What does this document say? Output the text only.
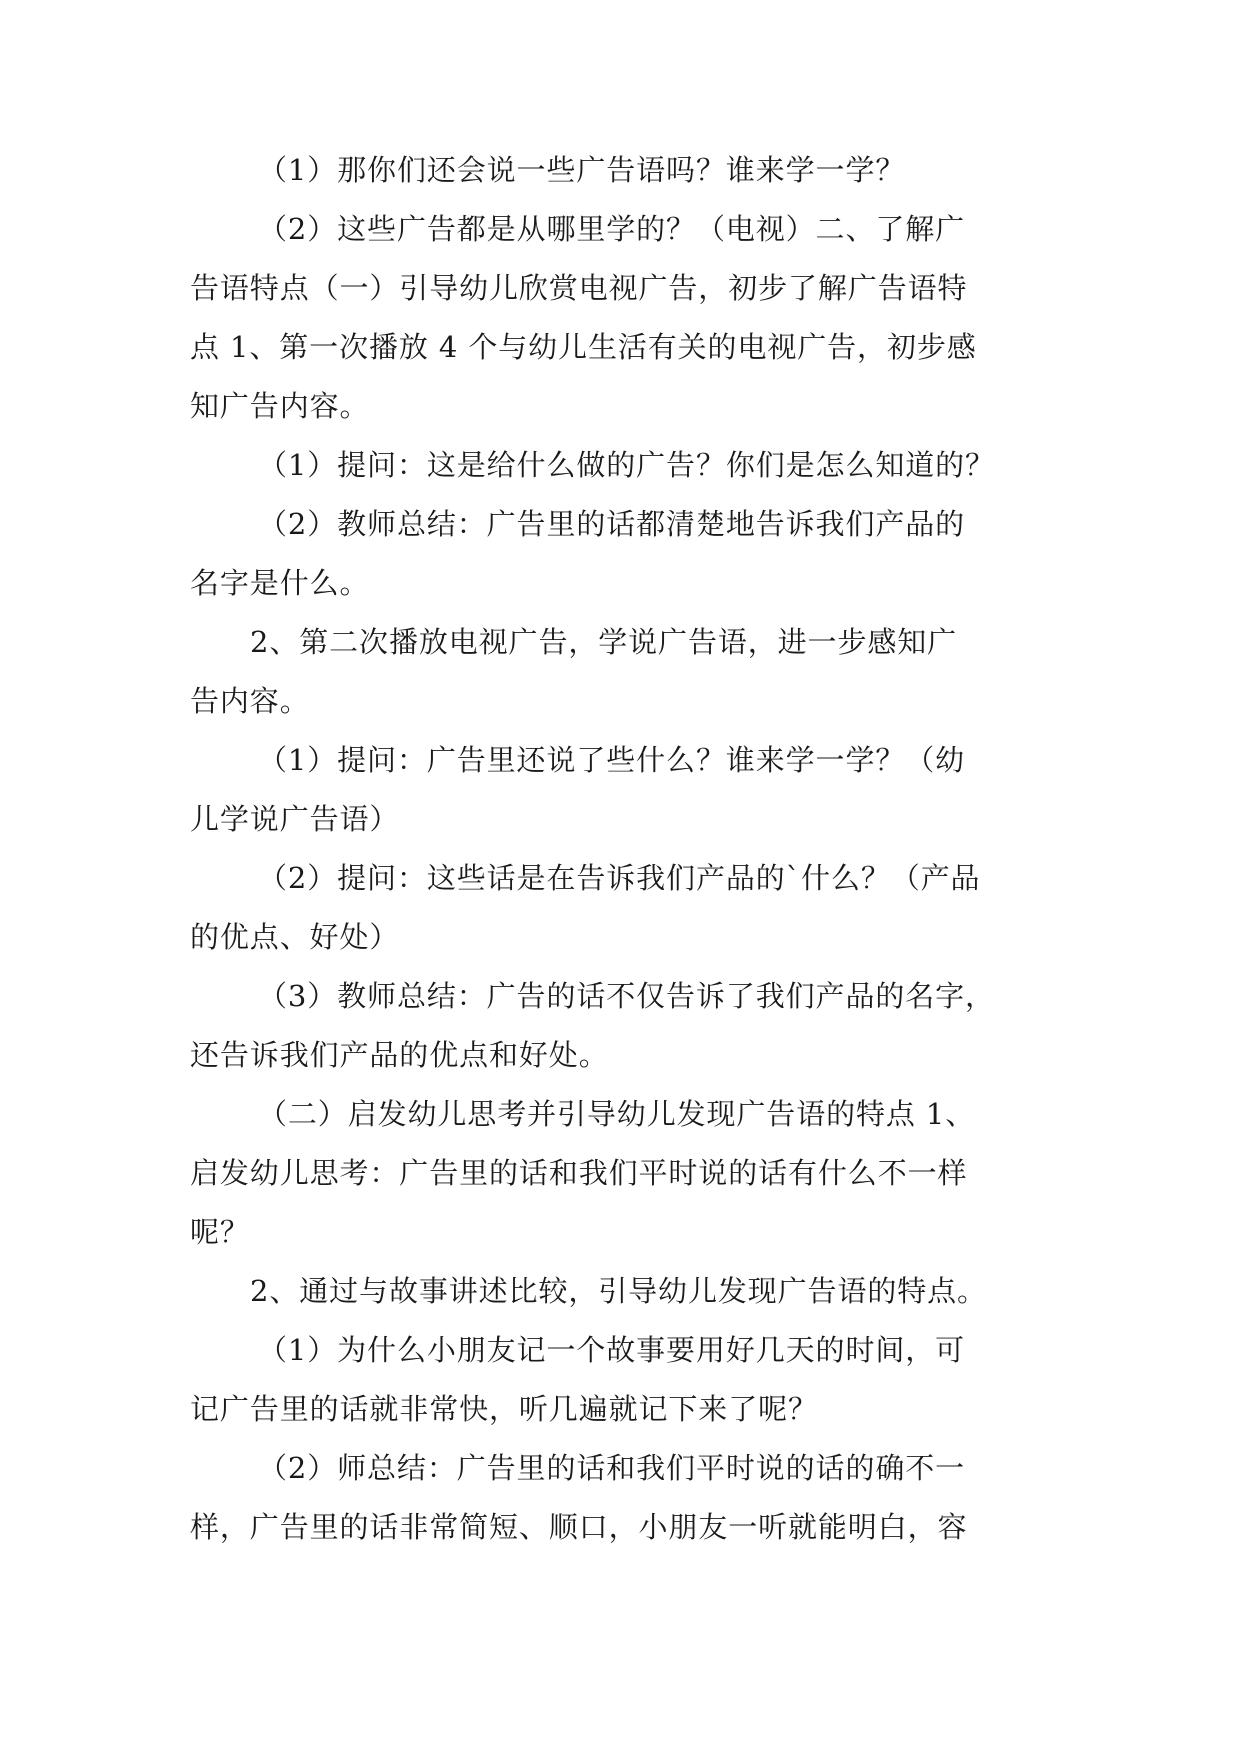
（1）那你们还会说一些广告语吗？谁来学一学？
（2）这些广告都是从哪里学的？（电视）二、了解广
告语特点（一）引导幼儿欣赏电视广告，初步了解广告语特
点 1、第一次播放 4 个与幼儿生活有关的电视广告，初步感
知广告内容。
（1）提问：这是给什么做的广告？你们是怎么知道的？
（2）教师总结：广告里的话都清楚地告诉我们产品的
名字是什么。
2、第二次播放电视广告，学说广告语，进一步感知广
告内容。
（1）提问：广告里还说了些什么？谁来学一学？（幼
儿学说广告语）
（2）提问：这些话是在告诉我们产品的`什么？（产品
的优点、好处）
（3）教师总结：广告的话不仅告诉了我们产品的名字，
还告诉我们产品的优点和好处。
（二）启发幼儿思考并引导幼儿发现广告语的特点 1、
启发幼儿思考：广告里的话和我们平时说的话有什么不一样
呢？
2、通过与故事讲述比较，引导幼儿发现广告语的特点。
（1）为什么小朋友记一个故事要用好几天的时间，可
记广告里的话就非常快，听几遍就记下来了呢？
（2）师总结：广告里的话和我们平时说的话的确不一
样，广告里的话非常简短、顺口，小朋友一听就能明白，容
